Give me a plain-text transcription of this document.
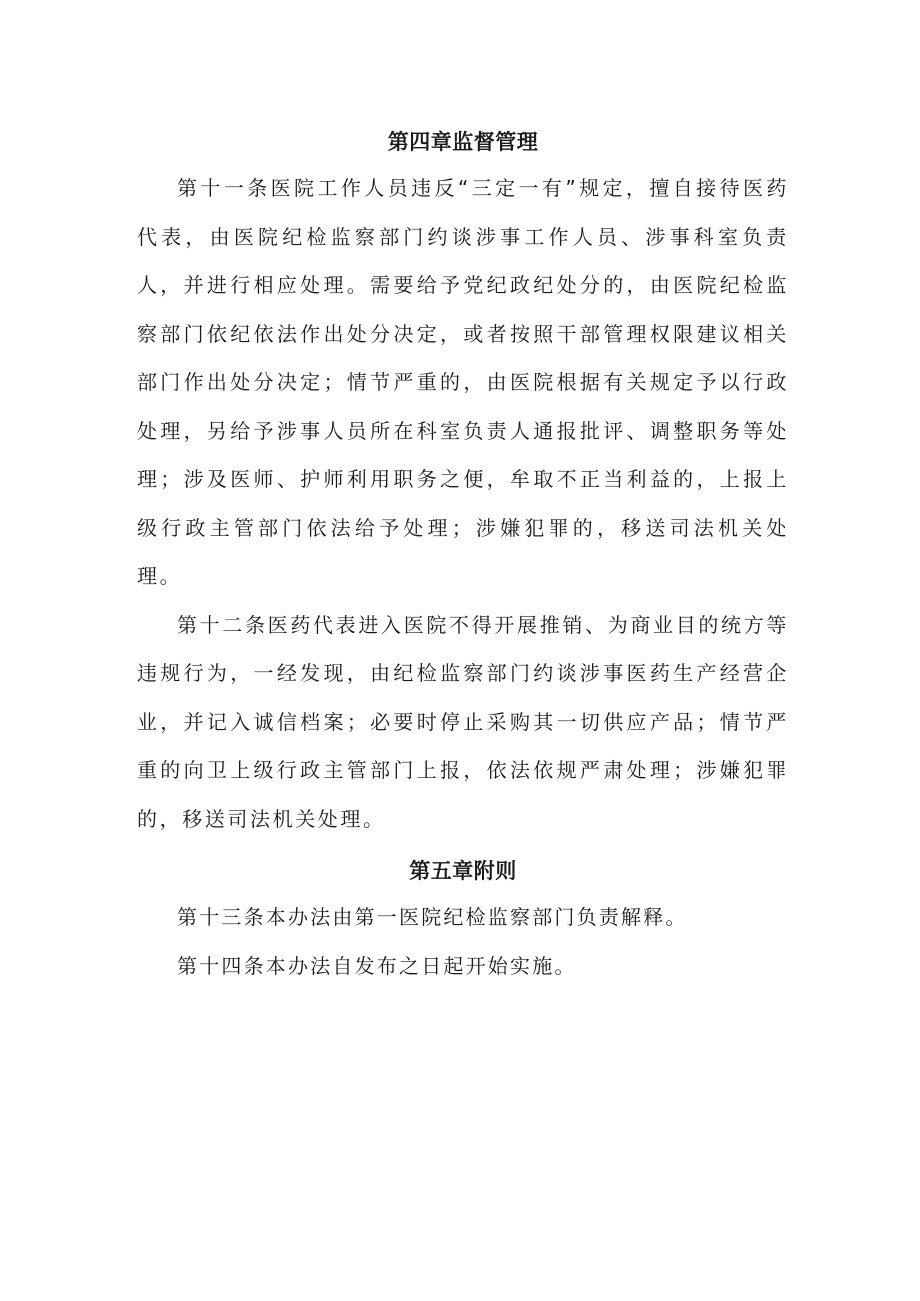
第四章监督管理

第十一条医院工作人员违反“三定一有”规定，擅自接待医药代表，由医院纪检监察部门约谈涉事工作人员、涉事科室负责人，并进行相应处理。需要给予党纪政纪处分的，由医院纪检监察部门依纪依法作出处分决定，或者按照干部管理权限建议相关部门作出处分决定；情节严重的，由医院根据有关规定予以行政处理，另给予涉事人员所在科室负责人通报批评、调整职务等处理；涉及医师、护师利用职务之便，牟取不正当利益的，上报上级行政主管部门依法给予处理；涉嫌犯罪的，移送司法机关处理。

第十二条医药代表进入医院不得开展推销、为商业目的统方等违规行为，一经发现，由纪检监察部门约谈涉事医药生产经营企业，并记入诚信档案；必要时停止采购其一切供应产品；情节严重的向卫上级行政主管部门上报，依法依规严肃处理；涉嫌犯罪的，移送司法机关处理。

第五章附则

第十三条本办法由第一医院纪检监察部门负责解释。

第十四条本办法自发布之日起开始实施。
